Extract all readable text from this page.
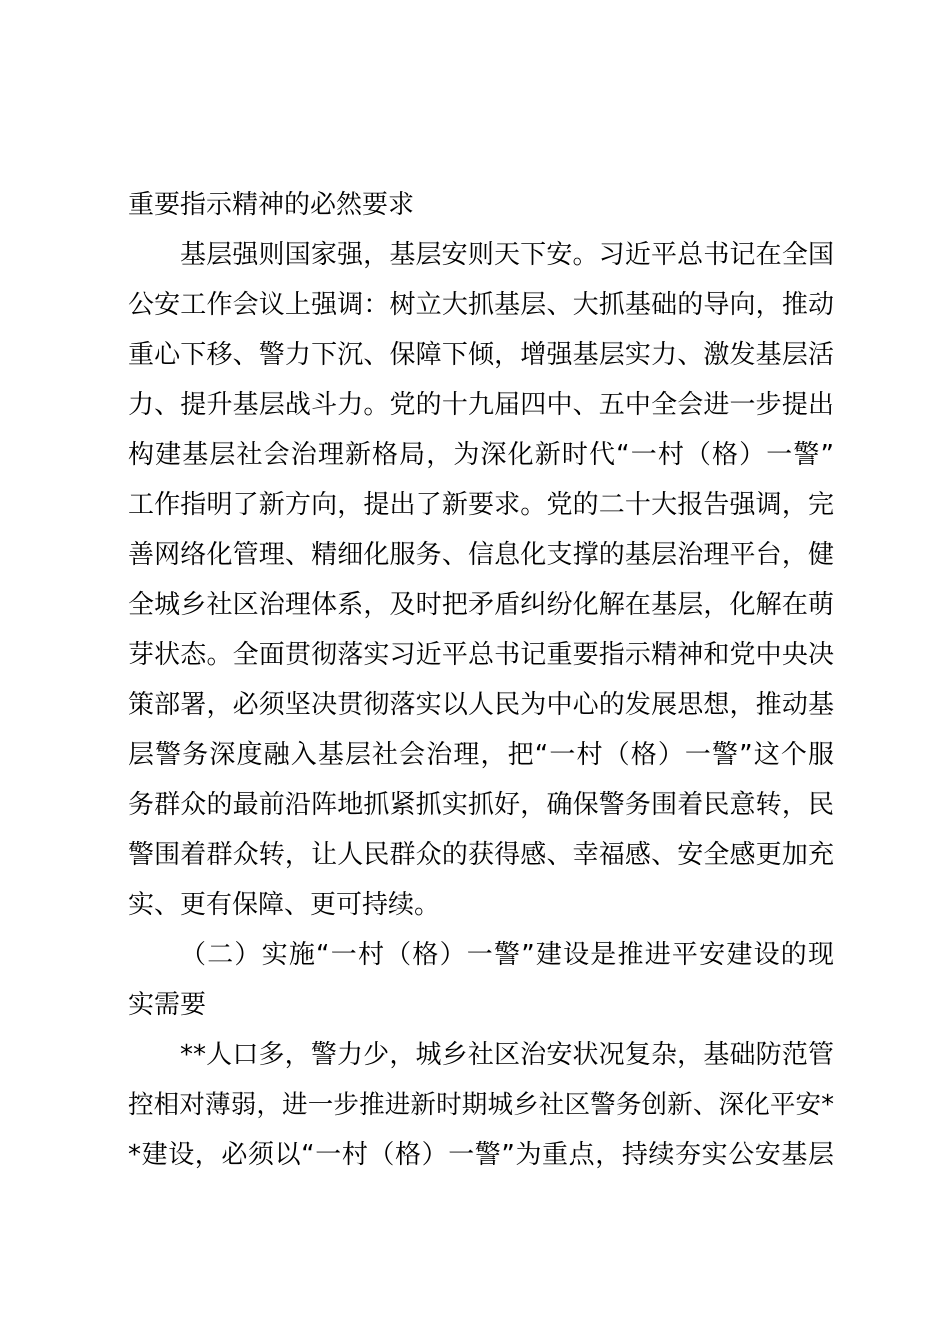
重要指示精神的必然要求
基层强则国家强，基层安则天下安。习近平总书记在全国
公安工作会议上强调：树立大抓基层、大抓基础的导向，推动
重心下移、警力下沉、保障下倾，增强基层实力、激发基层活
力、提升基层战斗力。党的十九届四中、五中全会进一步提出
构建基层社会治理新格局，为深化新时代“一村（格）一警”
工作指明了新方向，提出了新要求。党的二十大报告强调，完
善网络化管理、精细化服务、信息化支撑的基层治理平台，健
全城乡社区治理体系，及时把矛盾纠纷化解在基层，化解在萌
芽状态。全面贯彻落实习近平总书记重要指示精神和党中央决
策部署，必须坚决贯彻落实以人民为中心的发展思想，推动基
层警务深度融入基层社会治理，把“一村（格）一警”这个服
务群众的最前沿阵地抓紧抓实抓好，确保警务围着民意转，民
警围着群众转，让人民群众的获得感、幸福感、安全感更加充
实、更有保障、更可持续。
（二）实施“一村（格）一警”建设是推进平安建设的现
实需要
**人口多，警力少，城乡社区治安状况复杂，基础防范管
控相对薄弱，进一步推进新时期城乡社区警务创新、深化平安*
*建设，必须以“一村（格）一警”为重点，持续夯实公安基层
